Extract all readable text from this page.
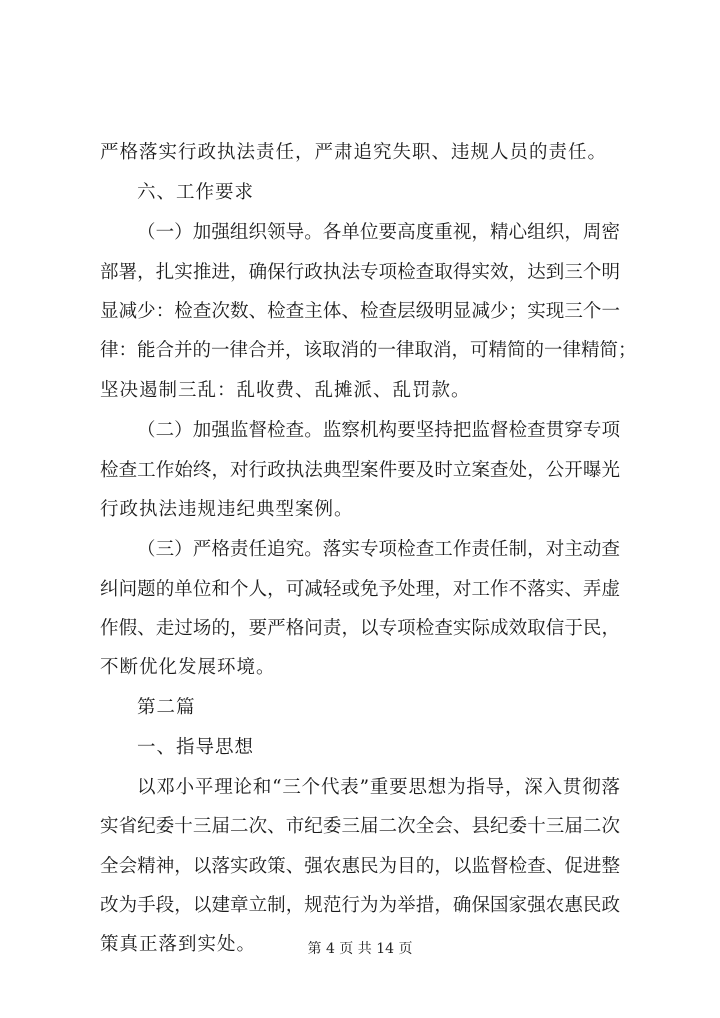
严格落实行政执法责任，严肃追究失职、违规人员的责任。
六、工作要求
（一）加强组织领导。各单位要高度重视，精心组织，周密
部署，扎实推进，确保行政执法专项检查取得实效，达到三个明
显减少：检查次数、检查主体、检查层级明显减少；实现三个一
律：能合并的一律合并，该取消的一律取消，可精简的一律精简；
坚决遏制三乱：乱收费、乱摊派、乱罚款。
（二）加强监督检查。监察机构要坚持把监督检查贯穿专项
检查工作始终，对行政执法典型案件要及时立案查处，公开曝光
行政执法违规违纪典型案例。
（三）严格责任追究。落实专项检查工作责任制，对主动查
纠问题的单位和个人，可减轻或免予处理，对工作不落实、弄虚
作假、走过场的，要严格问责，以专项检查实际成效取信于民，
不断优化发展环境。
第二篇
一、指导思想
以邓小平理论和“三个代表”重要思想为指导，深入贯彻落
实省纪委十三届二次、市纪委三届二次全会、县纪委十三届二次
全会精神，以落实政策、强农惠民为目的，以监督检查、促进整
改为手段，以建章立制，规范行为为举措，确保国家强农惠民政
策真正落到实处。	第 4 页 共 14 页
